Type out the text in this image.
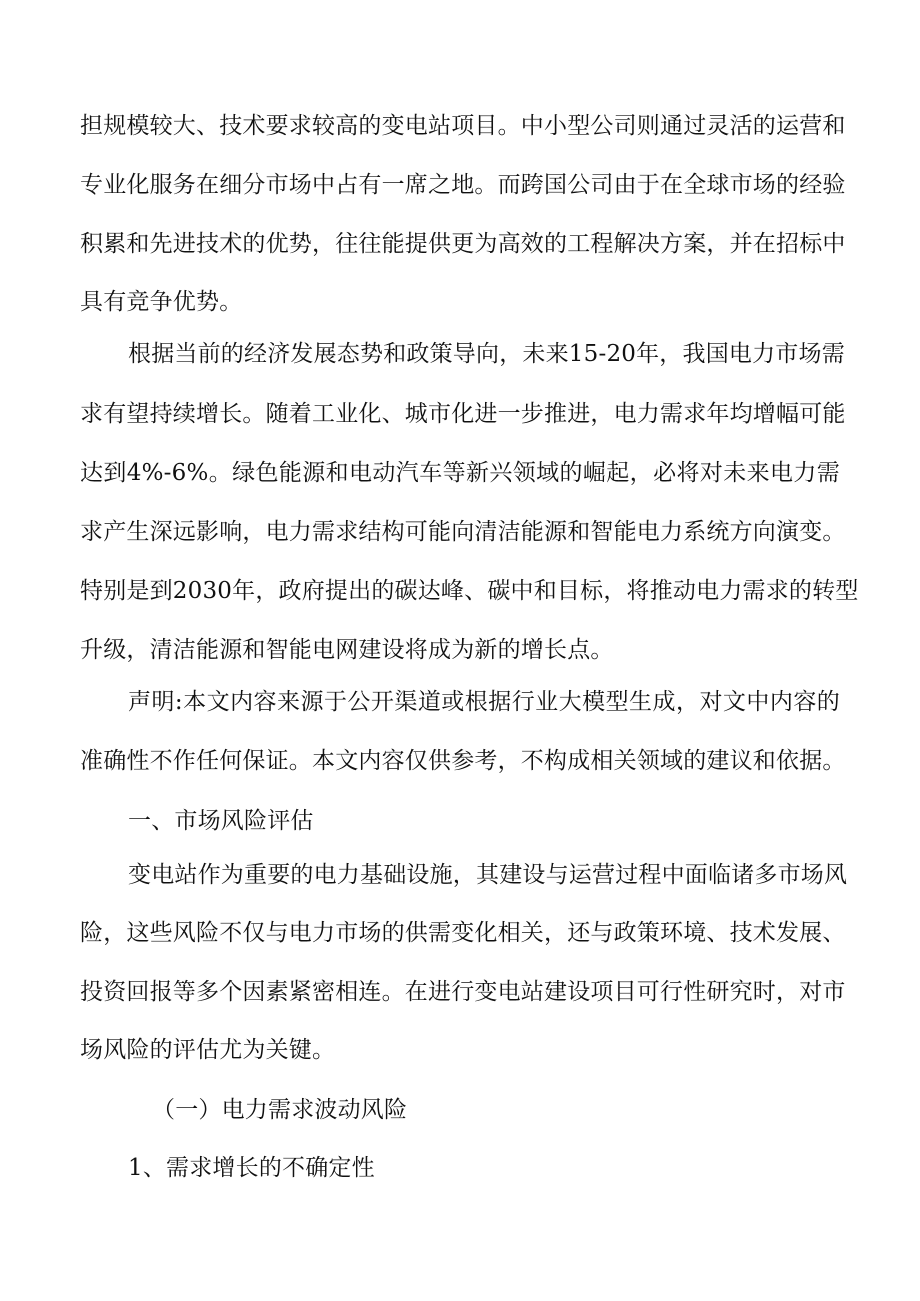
担规模较大、技术要求较高的变电站项目。中小型公司则通过灵活的运营和
专业化服务在细分市场中占有一席之地。而跨国公司由于在全球市场的经验
积累和先进技术的优势，往往能提供更为高效的工程解决方案，并在招标中
具有竞争优势。
根据当前的经济发展态势和政策导向，未来15-20年，我国电力市场需
求有望持续增长。随着工业化、城市化进一步推进，电力需求年均增幅可能
达到4%-6%。绿色能源和电动汽车等新兴领域的崛起，必将对未来电力需
求产生深远影响，电力需求结构可能向清洁能源和智能电力系统方向演变。
特别是到2030年，政府提出的碳达峰、碳中和目标，将推动电力需求的转型
升级，清洁能源和智能电网建设将成为新的增长点。
声明:本文内容来源于公开渠道或根据行业大模型生成，对文中内容的
准确性不作任何保证。本文内容仅供参考，不构成相关领域的建议和依据。
一、市场风险评估
变电站作为重要的电力基础设施，其建设与运营过程中面临诸多市场风
险，这些风险不仅与电力市场的供需变化相关，还与政策环境、技术发展、
投资回报等多个因素紧密相连。在进行变电站建设项目可行性研究时，对市
场风险的评估尤为关键。
（一）电力需求波动风险
1、需求增长的不确定性
